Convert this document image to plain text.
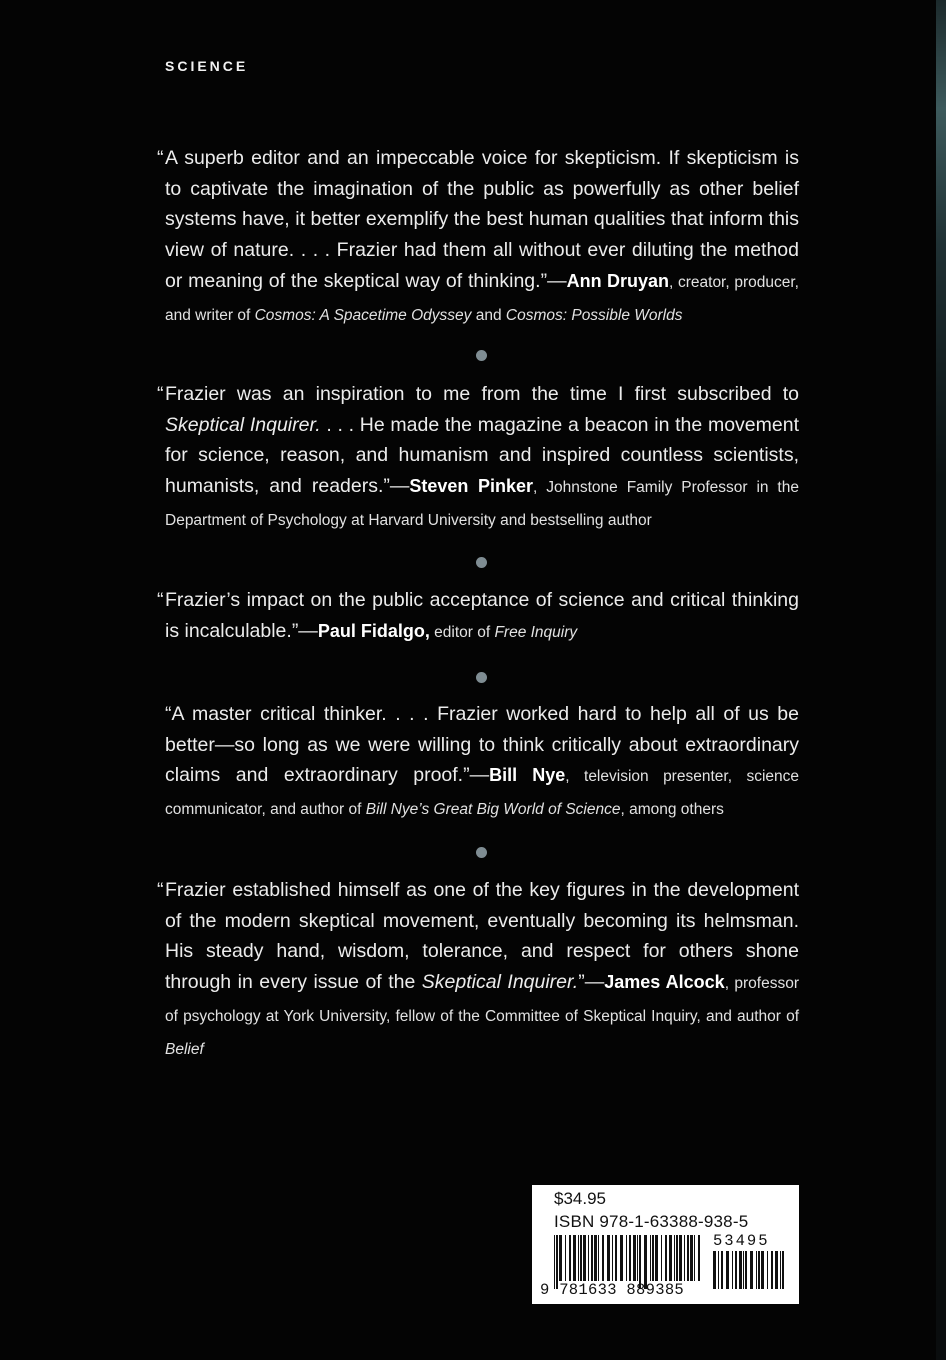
SCIENCE

“ A superb editor and an impeccable voice for skepticism. If skepticism is to captivate the imagination of the public as powerfully as other belief systems have, it better exemplify the best human qualities that inform this view of nature. . . . Frazier had them all without ever diluting the method or meaning of the skeptical way of thinking.”—Ann Druyan, creator, producer, and writer of Cosmos: A Spacetime Odyssey and Cosmos: Possible Worlds

“ Frazier was an inspiration to me from the time I first subscribed to Skeptical Inquirer. . . . He made the magazine a beacon in the movement for science, reason, and humanism and inspired countless scientists, humanists, and readers.”—Steven Pinker, Johnstone Family Professor in the Department of Psychology at Harvard University and bestselling author

“ Frazier’s impact on the public acceptance of science and critical thinking is incalculable.”—Paul Fidalgo, editor of Free Inquiry

“A master critical thinker. . . . Frazier worked hard to help all of us be better—so long as we were willing to think critically about extraordinary claims and extraordinary proof.”—Bill Nye, television presenter, science communicator, and author of Bill Nye’s Great Big World of Science, among others

“ Frazier established himself as one of the key figures in the development of the modern skeptical movement, eventually becoming its helmsman. His steady hand, wisdom, tolerance, and respect for others shone through in every issue of the Skeptical Inquirer.”—James Alcock, professor of psychology at York University, fellow of the Committee of Skeptical Inquiry, and author of Belief

$34.95
ISBN 978-1-63388-938-5
9 781633 889385
53495
